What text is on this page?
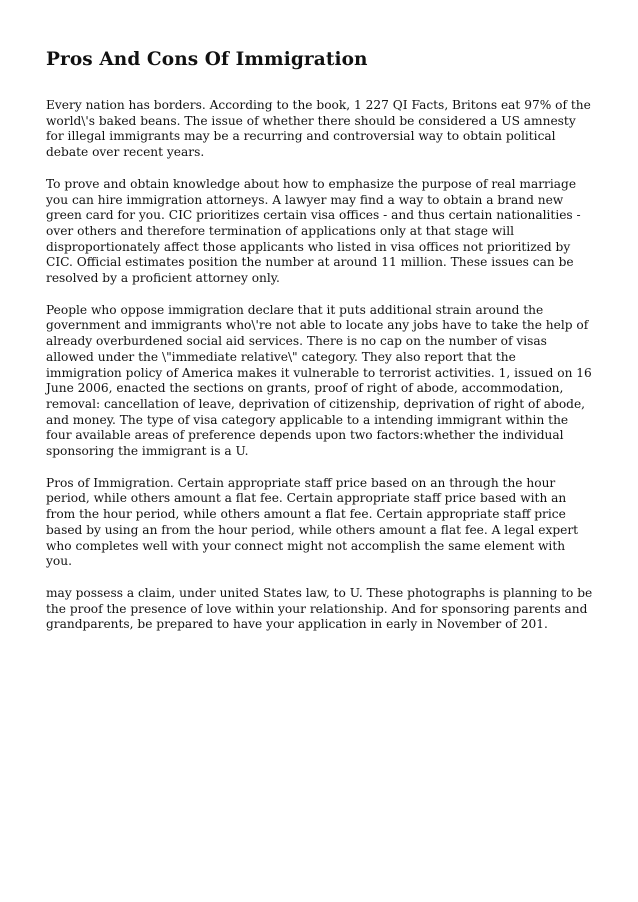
Pros And Cons Of Immigration

Every nation has borders. According to the book, 1 227 QI Facts, Britons eat 97% of the world\'s baked beans. The issue of whether there should be considered a US amnesty for illegal immigrants may be a recurring and controversial way to obtain political debate over recent years.

To prove and obtain knowledge about how to emphasize the purpose of real marriage you can hire immigration attorneys. A lawyer may find a way to obtain a brand new green card for you. CIC prioritizes certain visa offices - and thus certain nationalities - over others and therefore termination of applications only at that stage will disproportionately affect those applicants who listed in visa offices not prioritized by CIC. Official estimates position the number at around 11 million. These issues can be resolved by a proficient attorney only.

People who oppose immigration declare that it puts additional strain around the government and immigrants who\'re not able to locate any jobs have to take the help of already overburdened social aid services. There is no cap on the number of visas allowed under the \"immediate relative\" category. They also report that the immigration policy of America makes it vulnerable to terrorist activities. 1, issued on 16 June 2006, enacted the sections on grants, proof of right of abode, accommodation, removal: cancellation of leave, deprivation of citizenship, deprivation of right of abode, and money. The type of visa category applicable to a intending immigrant within the four available areas of preference depends upon two factors:whether the individual sponsoring the immigrant is a U.

Pros of Immigration. Certain appropriate staff price based on an through the hour period, while others amount a flat fee. Certain appropriate staff price based with an from the hour period, while others amount a flat fee. Certain appropriate staff price based by using an from the hour period, while others amount a flat fee. A legal expert who completes well with your connect might not accomplish the same element with you.

may possess a claim, under united States law, to U. These photographs is planning to be the proof the presence of love within your relationship. And for sponsoring parents and grandparents, be prepared to have your application in early in November of 201.
